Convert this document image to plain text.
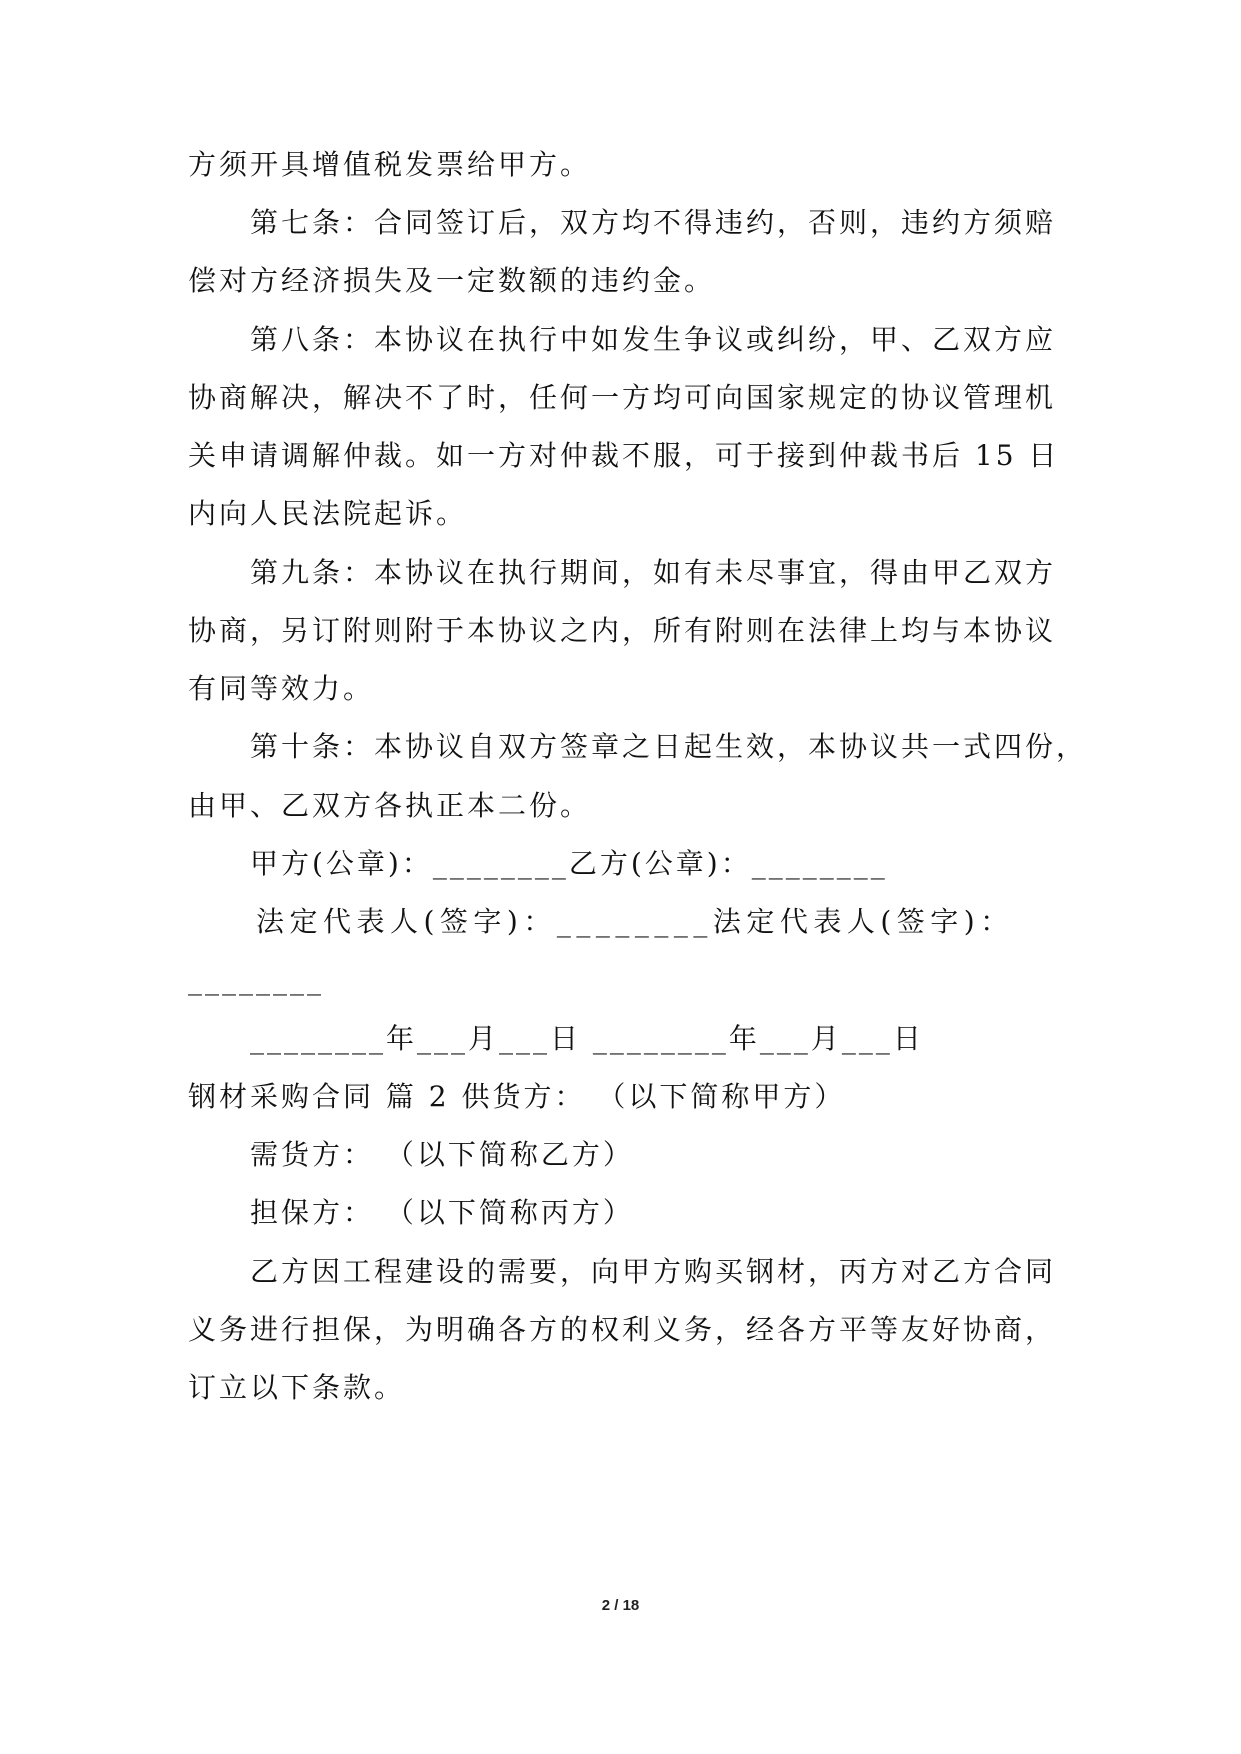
方须开具增值税发票给甲方。
第七条：合同签订后，双方均不得违约，否则，违约方须赔
偿对方经济损失及一定数额的违约金。
第八条：本协议在执行中如发生争议或纠纷，甲、乙双方应
协商解决，解决不了时，任何一方均可向国家规定的协议管理机
关申请调解仲裁。如一方对仲裁不服，可于接到仲裁书后 15 日
内向人民法院起诉。
第九条：本协议在执行期间，如有未尽事宜，得由甲乙双方
协商，另订附则附于本协议之内，所有附则在法律上均与本协议
有同等效力。
第十条：本协议自双方签章之日起生效，本协议共一式四份，
由甲、乙双方各执正本二份。
甲方(公章)：________乙方(公章)：________
法定代表人(签字)：________法定代表人(签字)：
________
________年___月___日 ________年___月___日
钢材采购合同 篇 2 供货方： （以下简称甲方）
需货方： （以下简称乙方）
担保方： （以下简称丙方）
乙方因工程建设的需要，向甲方购买钢材，丙方对乙方合同
义务进行担保，为明确各方的权利义务，经各方平等友好协商，
订立以下条款。
2 / 18
